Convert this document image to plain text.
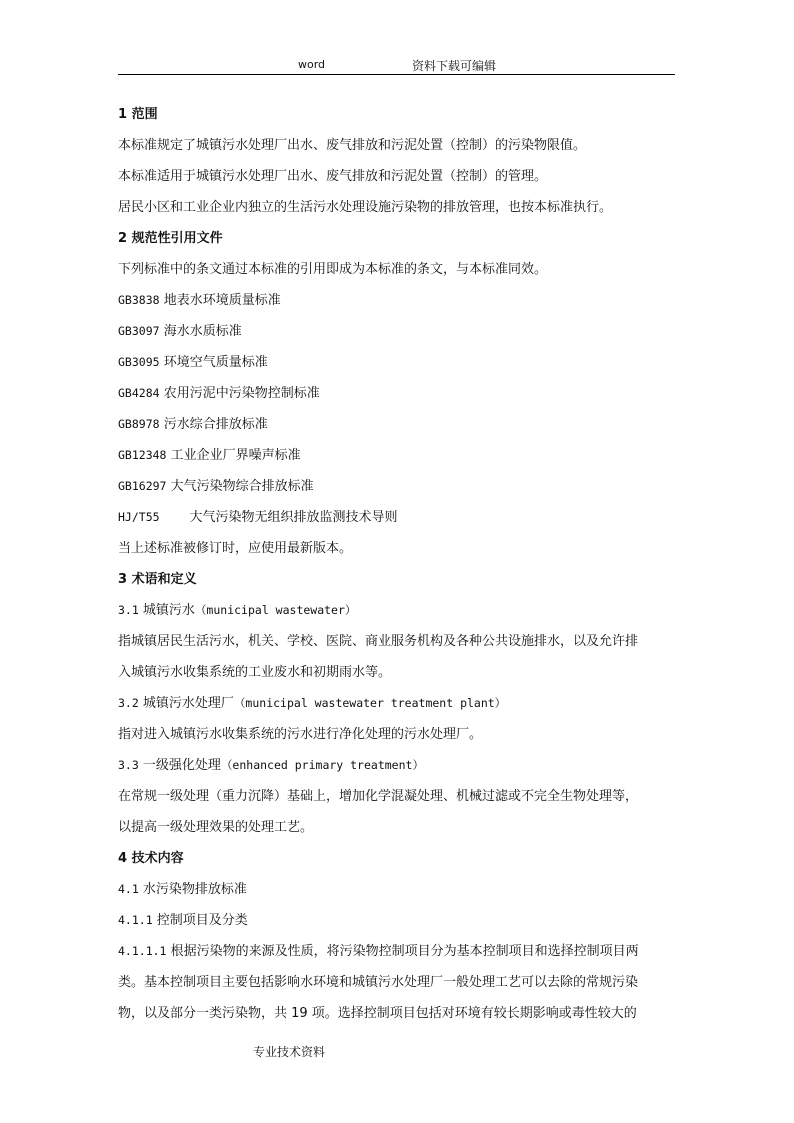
word	资料下载可编辑
1 范围
本标准规定了城镇污水处理厂出水、废气排放和污泥处置（控制）的污染物限值。
本标准适用于城镇污水处理厂出水、废气排放和污泥处置（控制）的管理。
居民小区和工业企业内独立的生活污水处理设施污染物的排放管理，也按本标准执行。
2 规范性引用文件
下列标准中的条文通过本标准的引用即成为本标准的条文，与本标准同效。
GB3838 地表水环境质量标准
GB3097 海水水质标准
GB3095 环境空气质量标准
GB4284 农用污泥中污染物控制标准
GB8978 污水综合排放标准
GB12348 工业企业厂界噪声标准
GB16297 大气污染物综合排放标准
HJ/T55 大气污染物无组织排放监测技术导则
当上述标准被修订时，应使用最新版本。
3 术语和定义
3.1 城镇污水（municipal wastewater）
指城镇居民生活污水，机关、学校、医院、商业服务机构及各种公共设施排水，以及允许排
入城镇污水收集系统的工业废水和初期雨水等。
3.2 城镇污水处理厂（municipal wastewater treatment plant）
指对进入城镇污水收集系统的污水进行净化处理的污水处理厂。
3.3 一级强化处理（enhanced primary treatment）
在常规一级处理（重力沉降）基础上，增加化学混凝处理、机械过滤或不完全生物处理等，
以提高一级处理效果的处理工艺。
4 技术内容
4.1 水污染物排放标准
4.1.1 控制项目及分类
4.1.1.1 根据污染物的来源及性质，将污染物控制项目分为基本控制项目和选择控制项目两
类。基本控制项目主要包括影响水环境和城镇污水处理厂一般处理工艺可以去除的常规污染
物，以及部分一类污染物，共 19 项。选择控制项目包括对环境有较长期影响或毒性较大的
专业技术资料
